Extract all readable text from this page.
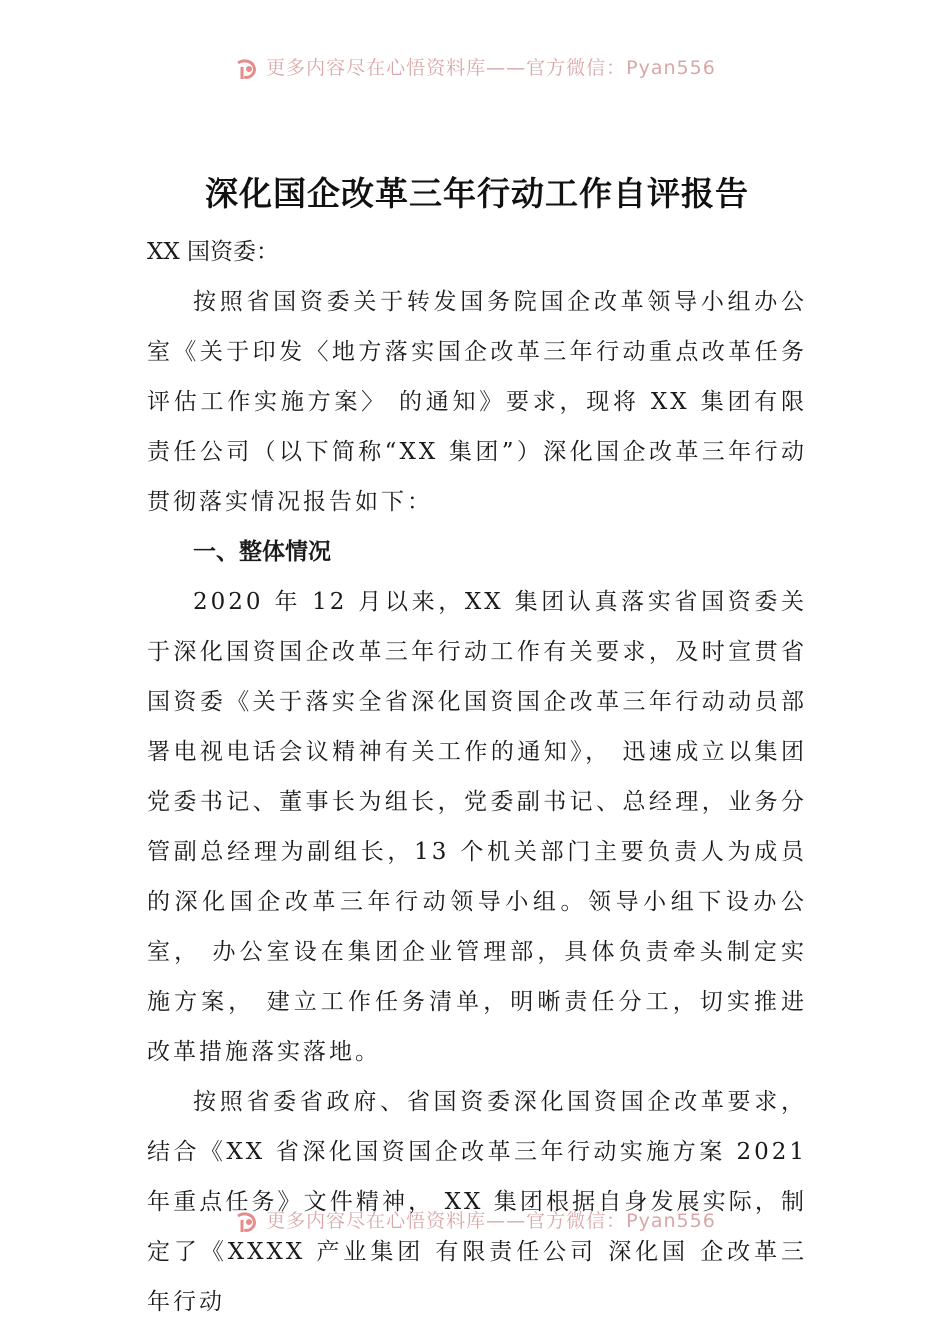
更多内容尽在心悟资料库——官方微信：Pyan556
深化国企改革三年行动工作自评报告

XX 国资委：

按照省国资委关于转发国务院国企改革领导小组办公室《关于印发〈地方落实国企改革三年行动重点改革任务评估工作实施方案〉 的通知》要求，现将 XX 集团有限责任公司（以下简称“XX 集团”）深化国企改革三年行动贯彻落实情况报告如下：

一、整体情况

2020 年 12 月以来，XX 集团认真落实省国资委关于深化国资国企改革三年行动工作有关要求，及时宣贯省国资委《关于落实全省深化国资国企改革三年行动动员部署电视电话会议精神有关工作的通知》， 迅速成立以集团党委书记、董事长为组长，党委副书记、总经理，业务分管副总经理为副组长，13 个机关部门主要负责人为成员的深化国企改革三年行动领导小组。领导小组下设办公室， 办公室设在集团企业管理部，具体负责牵头制定实施方案， 建立工作任务清单，明晰责任分工，切实推进改革措施落实落地。

按照省委省政府、省国资委深化国资国企改革要求，结合《XX 省深化国资国企改革三年行动实施方案 2021 年重点任务》文件精神， XX 集团根据自身发展实际，制定了《XXXX 产业集团 有限责任公司 深化国 企改革三年行动

更多内容尽在心悟资料库——官方微信：Pyan556
